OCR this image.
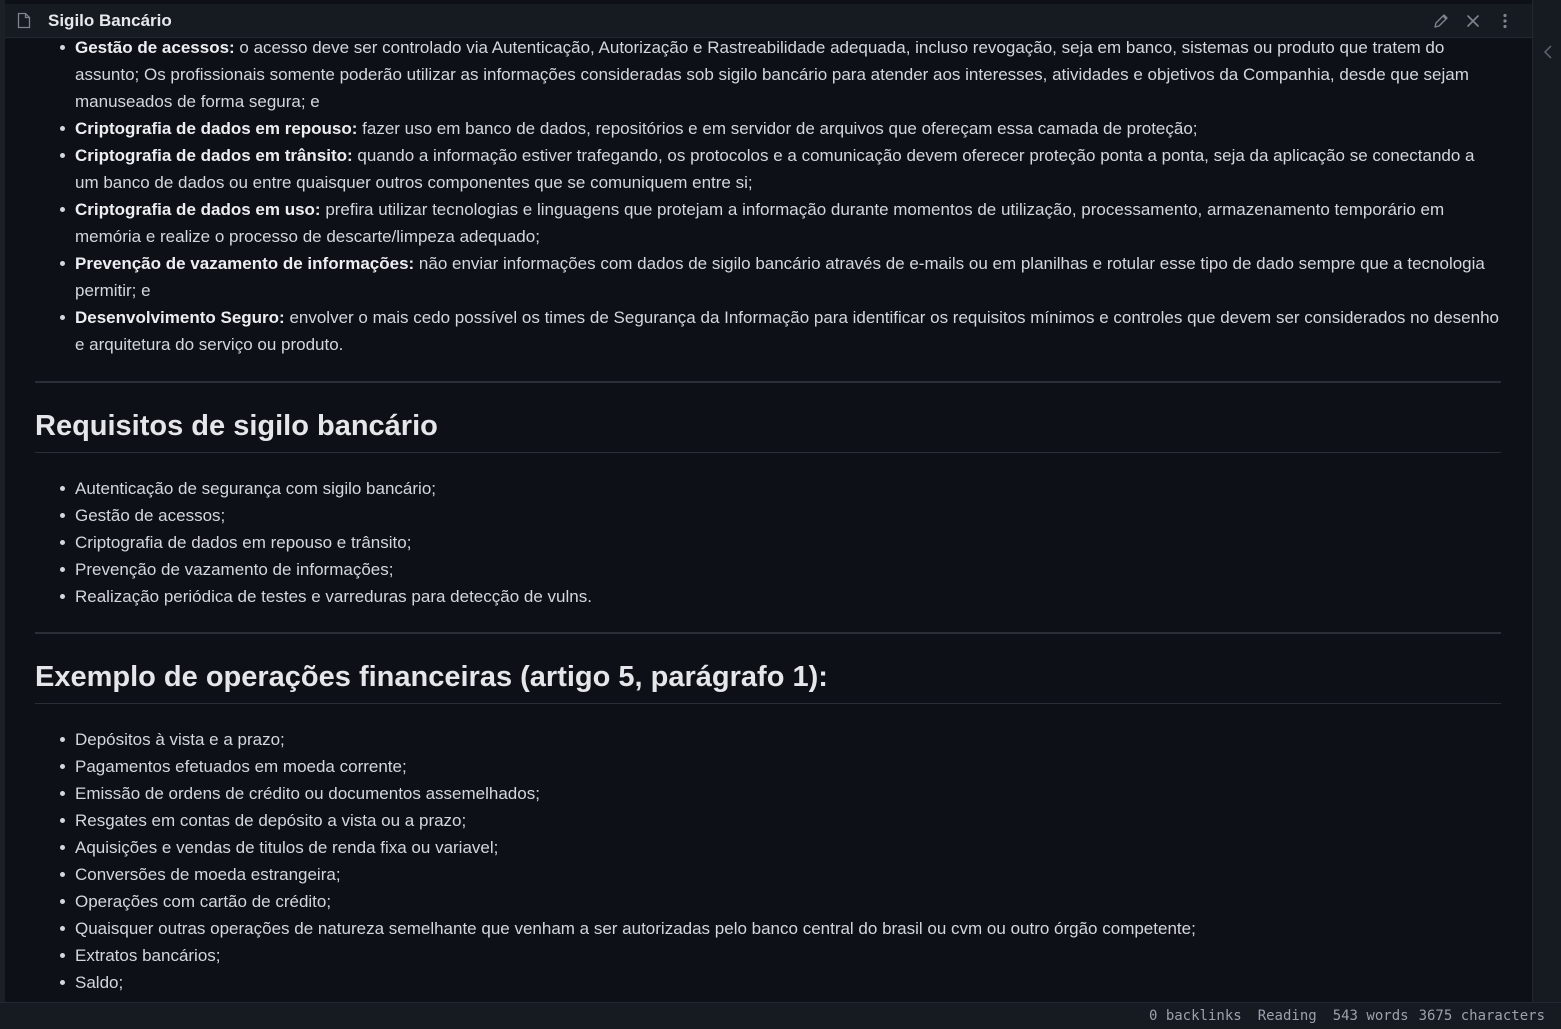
Gestão de acessos: o acesso deve ser controlado via Autenticação, Autorização e Rastreabilidade adequada, incluso revogação, seja em banco, sistemas ou produto que tratem do assunto; Os profissionais somente poderão utilizar as informações consideradas sob sigilo bancário para atender aos interesses, atividades e objetivos da Companhia, desde que sejam manuseados de forma segura; e
Criptografia de dados em repouso: fazer uso em banco de dados, repositórios e em servidor de arquivos que ofereçam essa camada de proteção;
Criptografia de dados em trânsito: quando a informação estiver trafegando, os protocolos e a comunicação devem oferecer proteção ponta a ponta, seja da aplicação se conectando a um banco de dados ou entre quaisquer outros componentes que se comuniquem entre si;
Criptografia de dados em uso: prefira utilizar tecnologias e linguagens que protejam a informação durante momentos de utilização, processamento, armazenamento temporário em memória e realize o processo de descarte/limpeza adequado;
Prevenção de vazamento de informações: não enviar informações com dados de sigilo bancário através de e-mails ou em planilhas e rotular esse tipo de dado sempre que a tecnologia permitir; e
Desenvolvimento Seguro: envolver o mais cedo possível os times de Segurança da Informação para identificar os requisitos mínimos e controles que devem ser considerados no desenho e arquitetura do serviço ou produto.
Requisitos de sigilo bancário
Autenticação de segurança com sigilo bancário;
Gestão de acessos;
Criptografia de dados em repouso e trânsito;
Prevenção de vazamento de informações;
Realização periódica de testes e varreduras para detecção de vulns.
Exemplo de operações financeiras (artigo 5, parágrafo 1):
Depósitos à vista e a prazo;
Pagamentos efetuados em moeda corrente;
Emissão de ordens de crédito ou documentos assemelhados;
Resgates em contas de depósito a vista ou a prazo;
Aquisições e vendas de titulos de renda fixa ou variavel;
Conversões de moeda estrangeira;
Operações com cartão de crédito;
Quaisquer outras operações de natureza semelhante que venham a ser autorizadas pelo banco central do brasil ou cvm ou outro órgão competente;
Extratos bancários;
Saldo;
Sigilo Bancário
0 backlinks Reading 543 words 3675 characters
